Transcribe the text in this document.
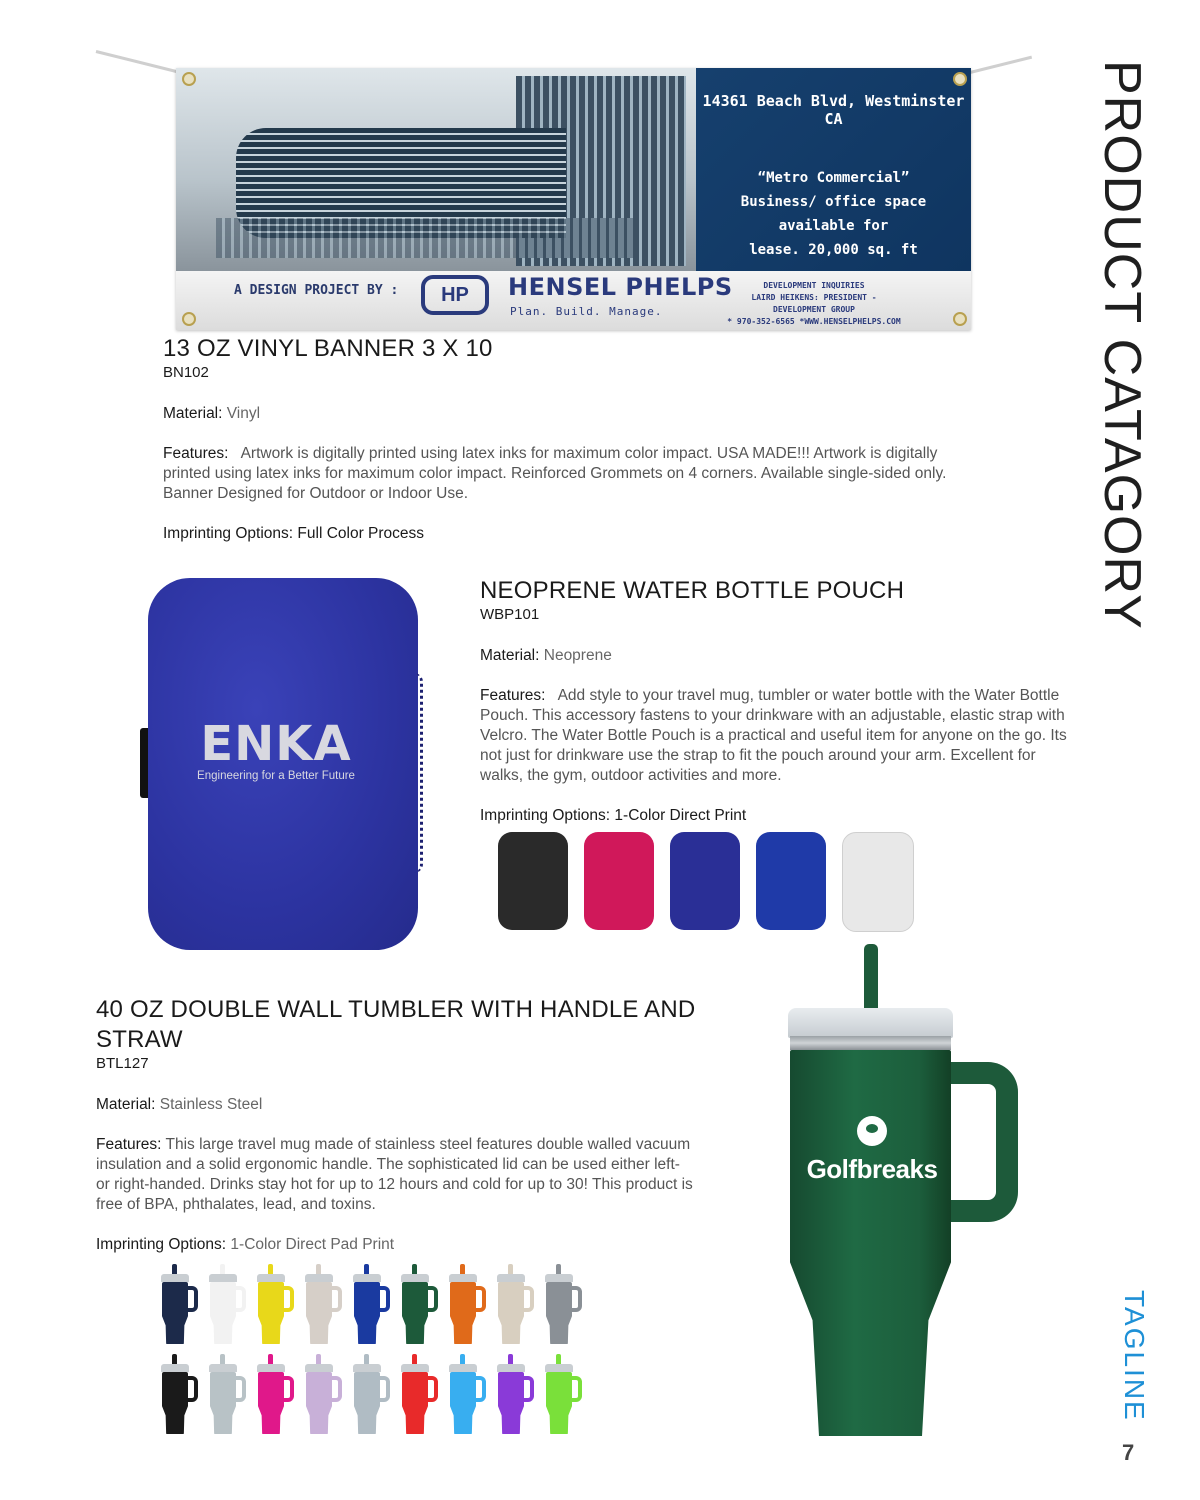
PRODUCT CATAGORY
TAGLINE
7
14361 Beach Blvd, Westminster CA
“Metro Commercial”
Business/ office space available for
lease. 20,000 sq. ft
A DESIGN PROJECT BY :	HP	HENSEL PHELPS
Plan. Build. Manage.
DEVELOPMENT INQUIRIES
LAIRD HEIKENS: PRESIDENT - DEVELOPMENT GROUP
* 970-352-6565 *WWW.HENSELPHELPS.COM
13 OZ VINYL BANNER 3 X 10
BN102
Material: Vinyl
Features: Artwork is digitally printed using latex inks for maximum color impact. USA MADE!!! Artwork is digitally printed using latex inks for maximum color impact. Reinforced Grommets on 4 corners. Available single-sided only. Banner Designed for Outdoor or Indoor Use.
Imprinting Options: Full Color Process
ENKA
Engineering for a Better Future
NEOPRENE WATER BOTTLE POUCH
WBP101
Material: Neoprene
Features: Add style to your travel mug, tumbler or water bottle with the Water Bottle Pouch. This accessory fastens to your drinkware with an adjustable, elastic strap with Velcro. The Water Bottle Pouch is a practical and useful item for anyone on the go. Its not just for drinkware use the strap to fit the pouch around your arm. Excellent for walks, the gym, outdoor activities and more.
Imprinting Options: 1-Color Direct Print
40 OZ DOUBLE WALL TUMBLER WITH HANDLE AND STRAW
BTL127
Material: Stainless Steel
Features: This large travel mug made of stainless steel features double walled vacuum insulation and a solid ergonomic handle. The sophisticated lid can be used either left- or right-handed. Drinks stay hot for up to 12 hours and cold for up to 30! This product is free of BPA, phthalates, lead, and toxins.
Imprinting Options: 1-Color Direct Pad Print
Golfbreaks
